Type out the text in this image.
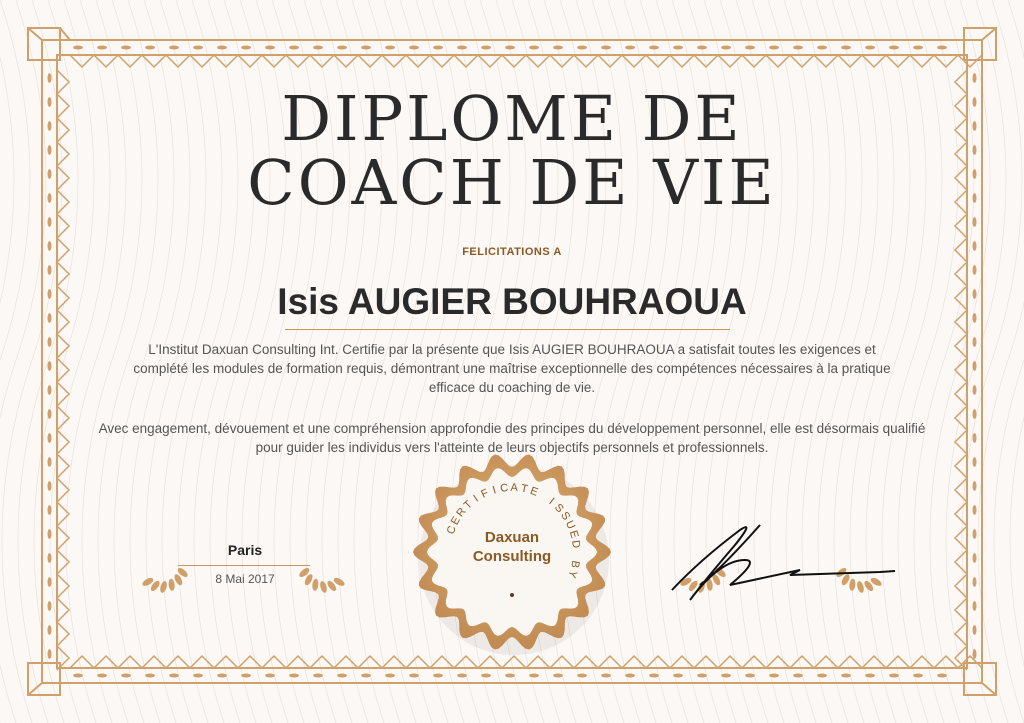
DIPLOME DE
COACH DE VIE
FELICITATIONS A
Isis AUGIER BOUHRAOUA
L'Institut Daxuan Consulting Int. Certifie par la présente que Isis AUGIER BOUHRAOUA a satisfait toutes les exigences et complété les modules de formation requis, démontrant une maîtrise exceptionnelle des compétences nécessaires à la pratique efficace du coaching de vie.
Avec engagement, dévouement et une compréhension approfondie des principes du développement personnel, elle est désormais qualifié pour guider les individus vers l'atteinte de leurs objectifs personnels et professionnels.
Paris
8 Mai 2017
C
E
R
T
I
F I C A T E
I
S
S
U
E
D
B
Y
Daxuan
Consulting
